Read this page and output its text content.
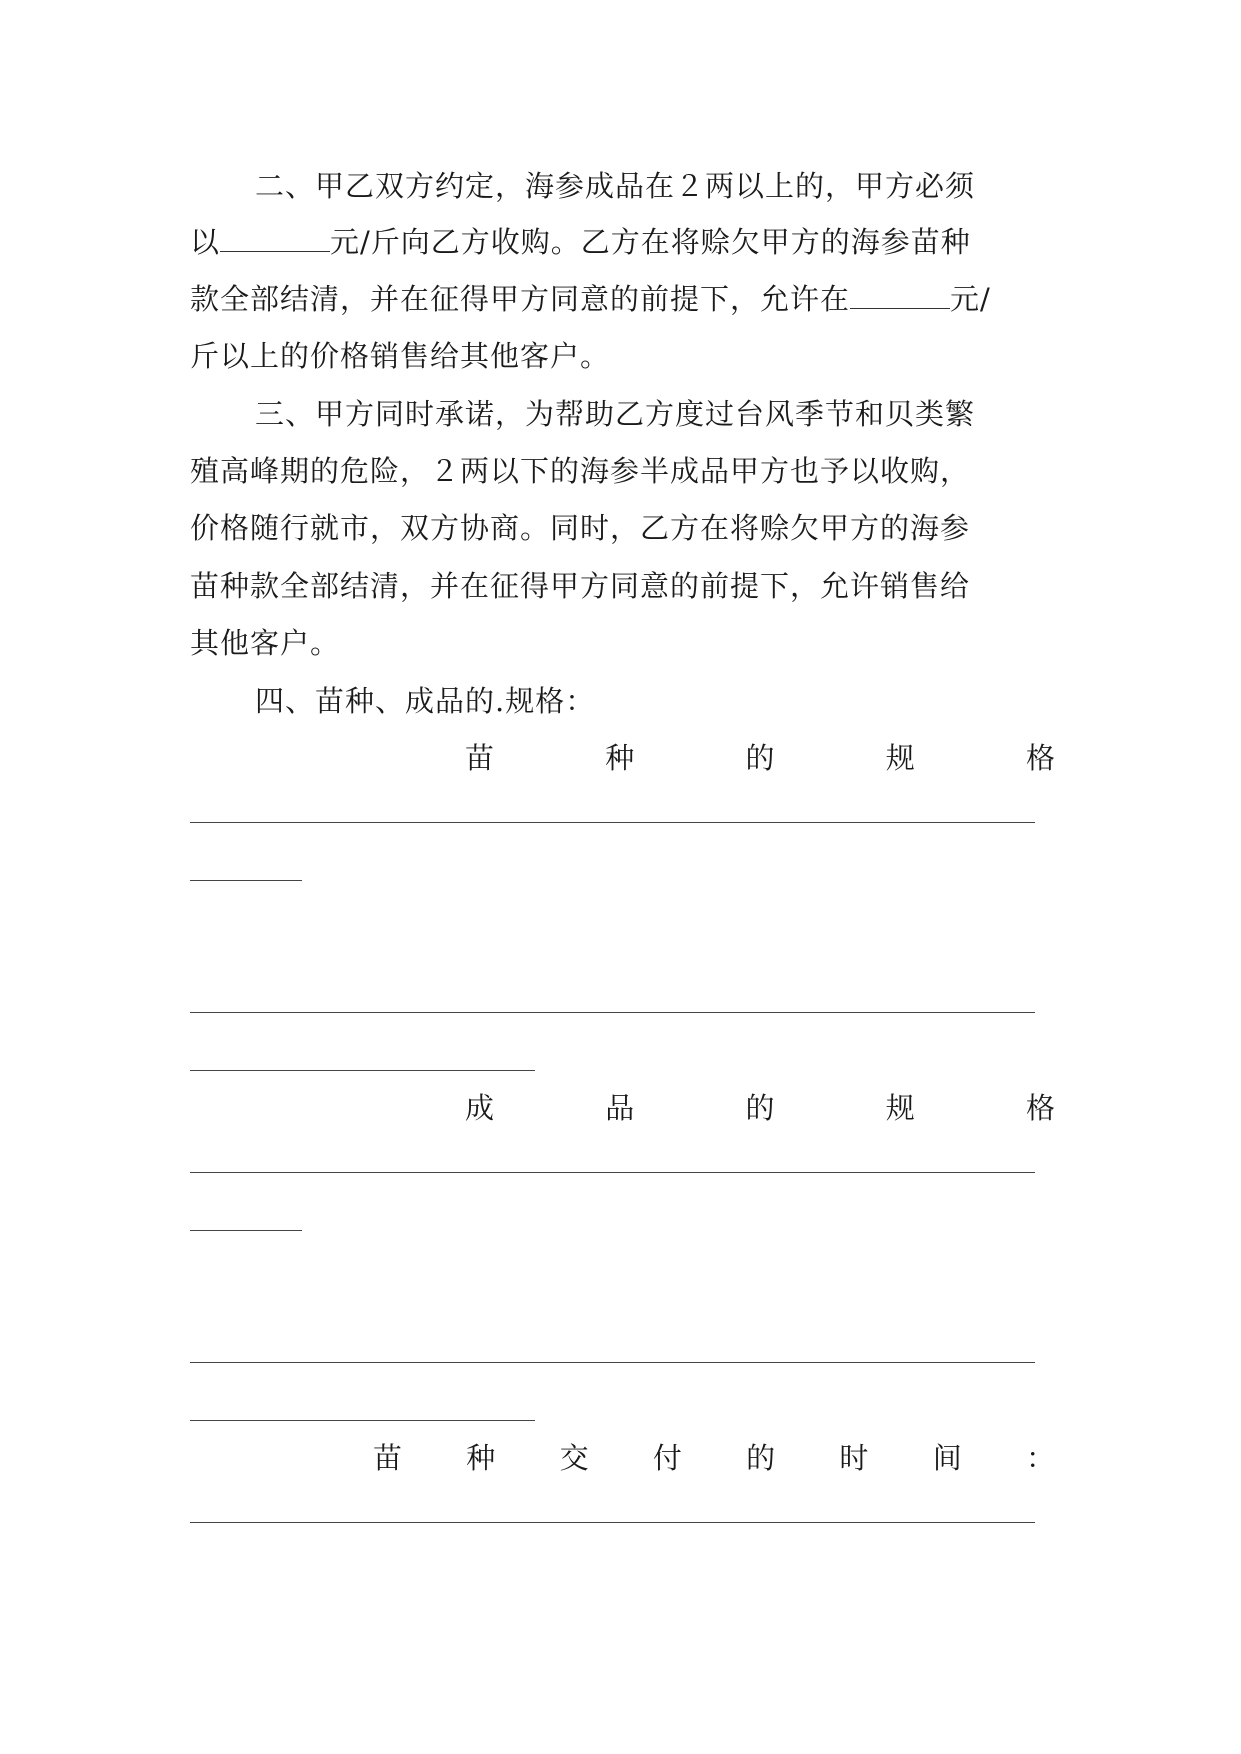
二、甲乙双方约定，海参成品在２两以上的，甲方必须
以	元/斤向乙方收购。乙方在将赊欠甲方的海参苗种
款全部结清，并在征得甲方同意的前提下，允许在	元/
斤以上的价格销售给其他客户。
三、甲方同时承诺，为帮助乙方度过台风季节和贝类繁
殖高峰期的危险，２两以下的海参半成品甲方也予以收购，
价格随行就市，双方协商。同时，乙方在将赊欠甲方的海参
苗种款全部结清，并在征得甲方同意的前提下，允许销售给
其他客户。
四、苗种、成品的.规格：
苗	种	的	规	格
成	品	的	规	格
苗 种 交 付 的 时 间 ：
